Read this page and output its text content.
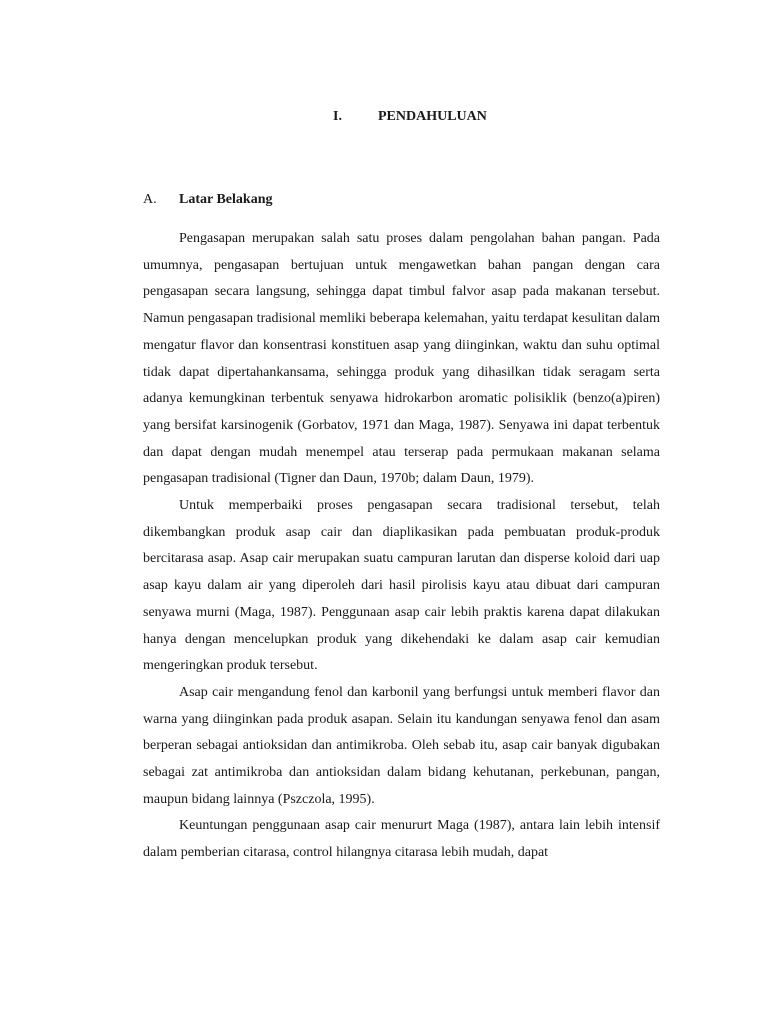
I.	PENDAHULUAN
A. Latar Belakang

Pengasapan merupakan salah satu proses dalam pengolahan bahan pangan. Pada umumnya, pengasapan bertujuan untuk mengawetkan bahan pangan dengan cara pengasapan secara langsung, sehingga dapat timbul falvor asap pada makanan tersebut. Namun pengasapan tradisional memliki beberapa kelemahan, yaitu terdapat kesulitan dalam mengatur flavor dan konsentrasi konstituen asap yang diinginkan, waktu dan suhu optimal tidak dapat dipertahankansama, sehingga produk yang dihasilkan tidak seragam serta adanya kemungkinan terbentuk senyawa hidrokarbon aromatic polisiklik (benzo(a)piren) yang bersifat karsinogenik (Gorbatov, 1971 dan Maga, 1987). Senyawa ini dapat terbentuk dan dapat dengan mudah menempel atau terserap pada permukaan makanan selama pengasapan tradisional (Tigner dan Daun, 1970b; dalam Daun, 1979).

Untuk memperbaiki proses pengasapan secara tradisional tersebut, telah dikembangkan produk asap cair dan diaplikasikan pada pembuatan produk-produk bercitarasa asap. Asap cair merupakan suatu campuran larutan dan disperse koloid dari uap asap kayu dalam air yang diperoleh dari hasil pirolisis kayu atau dibuat dari campuran senyawa murni (Maga, 1987). Penggunaan asap cair lebih praktis karena dapat dilakukan hanya dengan mencelupkan produk yang dikehendaki ke dalam asap cair kemudian mengeringkan produk tersebut.

Asap cair mengandung fenol dan karbonil yang berfungsi untuk memberi flavor dan warna yang diinginkan pada produk asapan. Selain itu kandungan senyawa fenol dan asam berperan sebagai antioksidan dan antimikroba. Oleh sebab itu, asap cair banyak digubakan sebagai zat antimikroba dan antioksidan dalam bidang kehutanan, perkebunan, pangan, maupun bidang lainnya (Pszczola, 1995).

Keuntungan penggunaan asap cair menururt Maga (1987), antara lain lebih intensif dalam pemberian citarasa, control hilangnya citarasa lebih mudah, dapat
